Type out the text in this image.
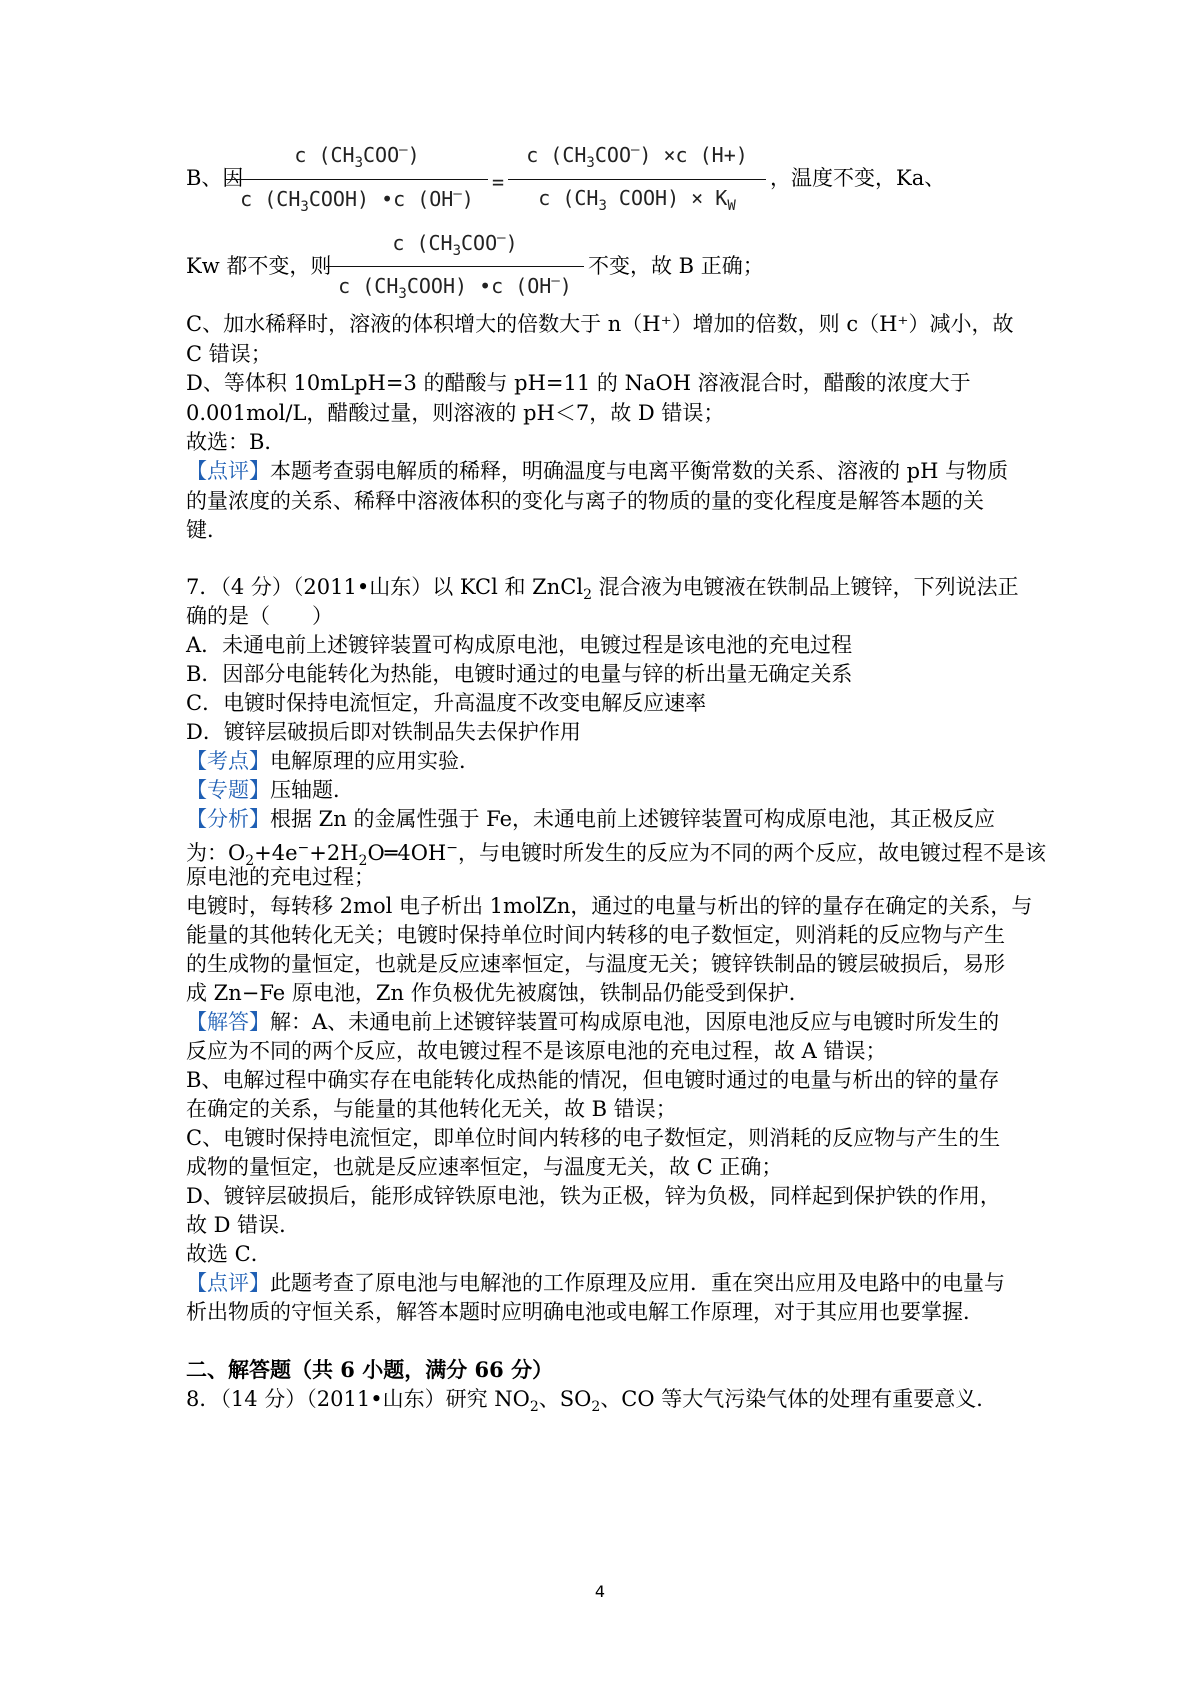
B、因
c $(CH_3COO^—)$
c $(CH_3COOH)$ •c (OH—)
=
c $(CH_3COO^—) \times c$ (H+)
c ($CH_3$ COOH) × $K_W$
，温度不变，Ka、
Kw 都不变，则
c $(CH_3COO^—)$
c $(CH_3COOH)$ •c (OH—)
不变，故 B 正确；
C、加水稀释时，溶液的体积增大的倍数大于 n（H⁺）增加的倍数，则 c（H⁺）减小，故
C 错误；
D、等体积 10mLpH=3 的醋酸与 pH=11 的 NaOH 溶液混合时，醋酸的浓度大于
0.001mol/L，醋酸过量，则溶液的 pH＜7，故 D 错误；
故选：B．
【点评】本题考查弱电解质的稀释，明确温度与电离平衡常数的关系、溶液的 pH 与物质
的量浓度的关系、稀释中溶液体积的变化与离子的物质的量的变化程度是解答本题的关
键．
7．（4 分）（2011•山东）以 KCl 和 ZnCl$_2$ 混合液为电镀液在铁制品上镀锌，下列说法正
确的是（　　）
A．未通电前上述镀锌装置可构成原电池，电镀过程是该电池的充电过程
B．因部分电能转化为热能，电镀时通过的电量与锌的析出量无确定关系
C．电镀时保持电流恒定，升高温度不改变电解反应速率
D．镀锌层破损后即对铁制品失去保护作用
【考点】电解原理的应用实验．
【专题】压轴题．
【分析】根据 Zn 的金属性强于 Fe，未通电前上述镀锌装置可构成原电池，其正极反应
为：$O_2+4e^-+2H_2O═4OH^-$，与电镀时所发生的反应为不同的两个反应，故电镀过程不是该
原电池的充电过程；
电镀时，每转移 2mol 电子析出 1molZn，通过的电量与析出的锌的量存在确定的关系，与
能量的其他转化无关；电镀时保持单位时间内转移的电子数恒定，则消耗的反应物与产生
的生成物的量恒定，也就是反应速率恒定，与温度无关；镀锌铁制品的镀层破损后，易形
成 Zn−Fe 原电池，Zn 作负极优先被腐蚀，铁制品仍能受到保护．
【解答】解：A、未通电前上述镀锌装置可构成原电池，因原电池反应与电镀时所发生的
反应为不同的两个反应，故电镀过程不是该原电池的充电过程，故 A 错误；
B、电解过程中确实存在电能转化成热能的情况，但电镀时通过的电量与析出的锌的量存
在确定的关系，与能量的其他转化无关，故 B 错误；
C、电镀时保持电流恒定，即单位时间内转移的电子数恒定，则消耗的反应物与产生的生
成物的量恒定，也就是反应速率恒定，与温度无关，故 C 正确；
D、镀锌层破损后，能形成锌铁原电池，铁为正极，锌为负极，同样起到保护铁的作用，
故 D 错误．
故选 C．
【点评】此题考查了原电池与电解池的工作原理及应用．重在突出应用及电路中的电量与
析出物质的守恒关系，解答本题时应明确电池或电解工作原理，对于其应用也要掌握．
二、解答题（共 6 小题，满分 66 分）
8．（14 分）（2011•山东）研究 $NO_2$、$SO_2$、CO 等大气污染气体的处理有重要意义．
4
